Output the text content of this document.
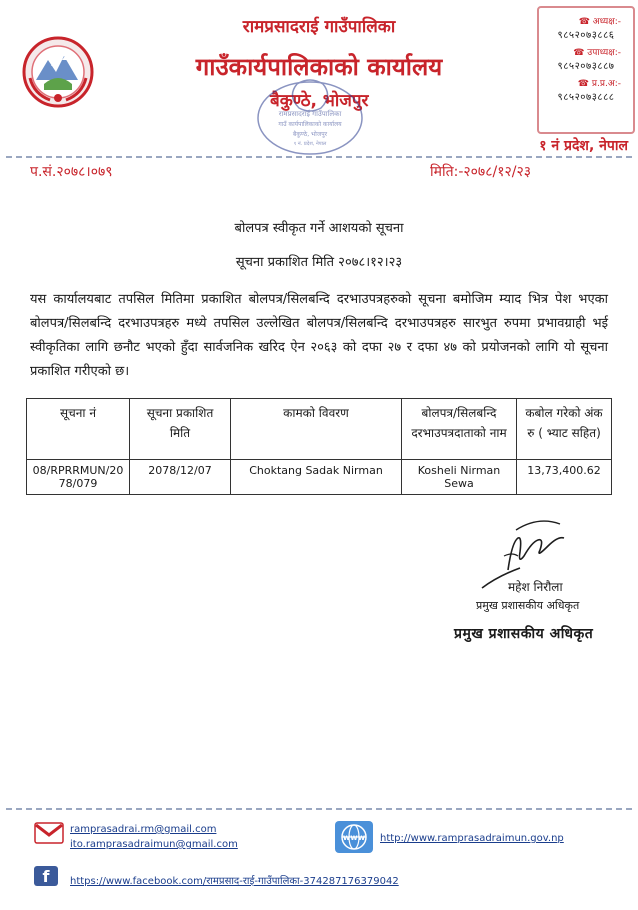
रामप्रसादराई गाउँपालिका
गाउँकार्यपालिकाको कार्यालय
बैकुण्ठे, भोजपुर
रामप्रसादराई गाउँपालिका
गाउँ कार्यपालिकाको कार्यालय
बैकुण्ठे, भोजपुर
१ नं. प्रदेश, नेपाल
☎ अध्यक्ष:-
९८५२०७३८८६
☎ उपाध्यक्ष:-
९८५२०७३८८७
☎ प्र.प्र.अ:-
९८५२०७३८८८
१ नं प्रदेश, नेपाल
प.सं.२०७८।०७९	मिति:-२०७८/१२/२३
बोलपत्र स्वीकृत गर्ने आशयको सूचना
सूचना प्रकाशित मिति २०७८।१२।२३
यस कार्यालयबाट तपसिल मितिमा प्रकाशित बोलपत्र/सिलबन्दि दरभाउपत्रहरुको सूचना बमोजिम म्याद भित्र पेश भएका बोलपत्र/सिलबन्दि दरभाउपत्रहरु मध्ये तपसिल उल्लेखित बोलपत्र/सिलबन्दि दरभाउपत्रहरु सारभुत रुपमा प्रभावग्राही भई स्वीकृतिका लागि छनौट भएको हुँदा सार्वजनिक खरिद ऐन २०६३ को दफा २७ र दफा ४७ को प्रयोजनको लागि यो सूचना प्रकाशित गरीएको छ।
सूचना नं	सूचना प्रकाशित मिति	कामको विवरण	बोलपत्र/सिलबन्दि दरभाउपत्रदाताको नाम	कबोल गरेको अंक रु ( भ्याट सहित)
08/RPRRMUN/2078/079	2078/12/07	Choktang Sadak Nirman	Kosheli Nirman Sewa	13,73,400.62
महेश निरौला
प्रमुख प्रशासकीय अधिकृत
प्रमुख प्रशासकीय अधिकृत
ramprasadrai.rm@gmail.com
ito.ramprasadraimun@gmail.com
www http://www.ramprasadraimun.gov.np
f https://www.facebook.com/रामप्रसाद-राई-गाउँपालिका-374287176379042
